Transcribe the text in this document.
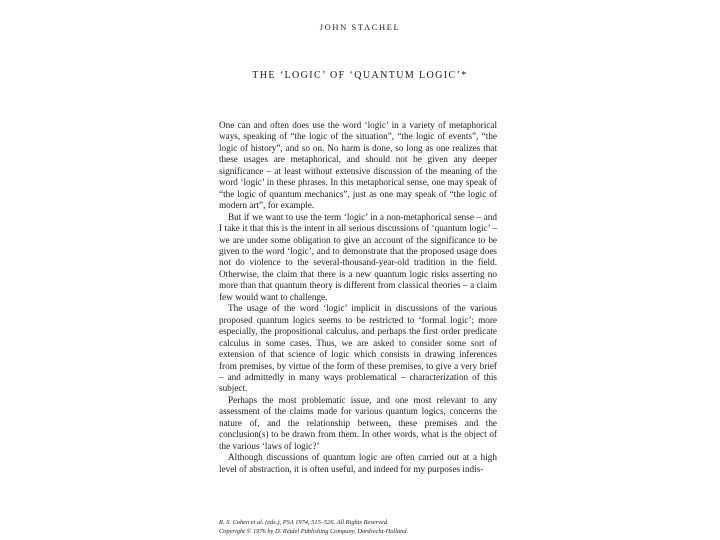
JOHN STACHEL
THE ‘LOGIC’ OF ‘QUANTUM LOGIC’*

One can and often does use the word ‘logic’ in a variety of metaphorical ways, speaking of “the logic of the situation”, “the logic of events”, “the logic of history”, and so on. No harm is done, so long as one realizes that these usages are metaphorical, and should not be given any deeper significance – at least without extensive discussion of the meaning of the word ‘logic’ in these phrases. In this metaphorical sense, one may speak of “the logic of quantum mechanics”, just as one may speak of “the logic of modern art”, for example.

But if we want to use the term ‘logic’ in a non-metaphorical sense – and I take it that this is the intent in all serious discussions of ‘quantum logic’ – we are under some obligation to give an account of the significance to be given to the word ‘logic’, and to demonstrate that the proposed usage does not do violence to the several-thousand-year-old tradition in the field. Otherwise, the claim that there is a new quantum logic risks asserting no more than that quantum theory is different from classical theories – a claim few would want to challenge.

The usage of the word ‘logic’ implicit in discussions of the various proposed quantum logics seems to be restricted to ‘formal logic’; more especially, the propositional calculus, and perhaps the first order predicate calculus in some cases. Thus, we are asked to consider some sort of extension of that science of logic which consists in drawing inferences from premises, by virtue of the form of these premises, to give a very brief – and admittedly in many ways problematical – characterization of this subject.

Perhaps the most problematic issue, and one most relevant to any assessment of the claims made for various quantum logics, concerns the nature of, and the relationship between, these premises and the conclusion(s) to be drawn from them. In other words, what is the object of the various ‘laws of logic?’

Although discussions of quantum logic are often carried out at a high level of abstraction, it is often useful, and indeed for my purposes indis-

R. S. Cohen et al. (eds.), PSA 1974, 515–526. All Rights Reserved.
Copyright © 1976 by D. Reidel Publishing Company, Dordrecht-Holland.
